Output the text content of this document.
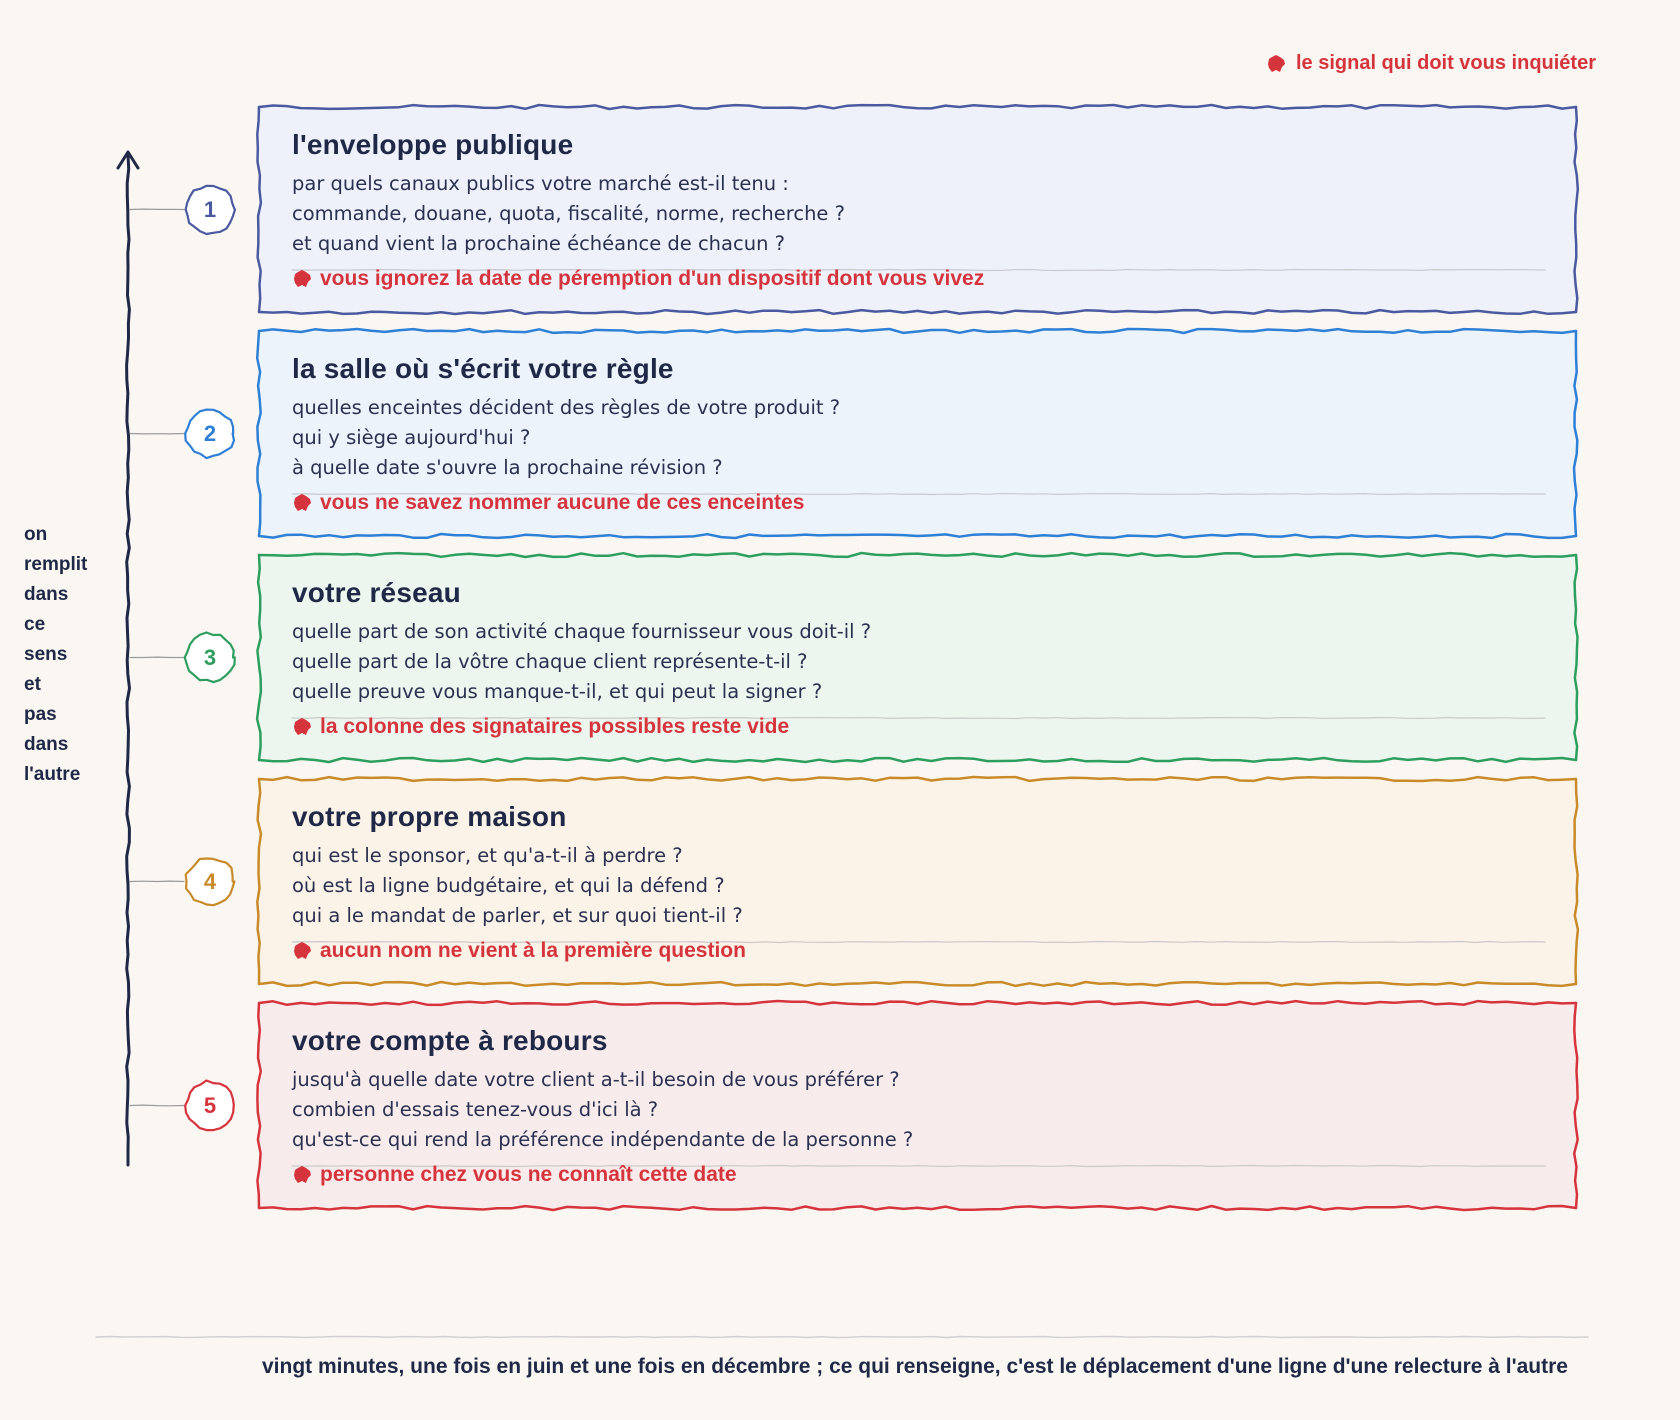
le signal qui doit vous inquiéter
on
remplit
dans
ce
sens
et
pas
dans
l'autre
l'enveloppe publique
par quels canaux publics votre marché est-il tenu :
commande, douane, quota, fiscalité, norme, recherche ?
et quand vient la prochaine échéance de chacun ?
vous ignorez la date de péremption d'un dispositif dont vous vivez
la salle où s'écrit votre règle
quelles enceintes décident des règles de votre produit ?
qui y siège aujourd'hui ?
à quelle date s'ouvre la prochaine révision ?
vous ne savez nommer aucune de ces enceintes
votre réseau
quelle part de son activité chaque fournisseur vous doit-il ?
quelle part de la vôtre chaque client représente-t-il ?
quelle preuve vous manque-t-il, et qui peut la signer ?
la colonne des signataires possibles reste vide
votre propre maison
qui est le sponsor, et qu'a-t-il à perdre ?
où est la ligne budgétaire, et qui la défend ?
qui a le mandat de parler, et sur quoi tient-il ?
aucun nom ne vient à la première question
votre compte à rebours
jusqu'à quelle date votre client a-t-il besoin de vous préférer ?
combien d'essais tenez-vous d'ici là ?
qu'est-ce qui rend la préférence indépendante de la personne ?
personne chez vous ne connaît cette date
vingt minutes, une fois en juin et une fois en décembre ; ce qui renseigne, c'est le déplacement d'une ligne d'une relecture à l'autre
1
2
3
4
5
